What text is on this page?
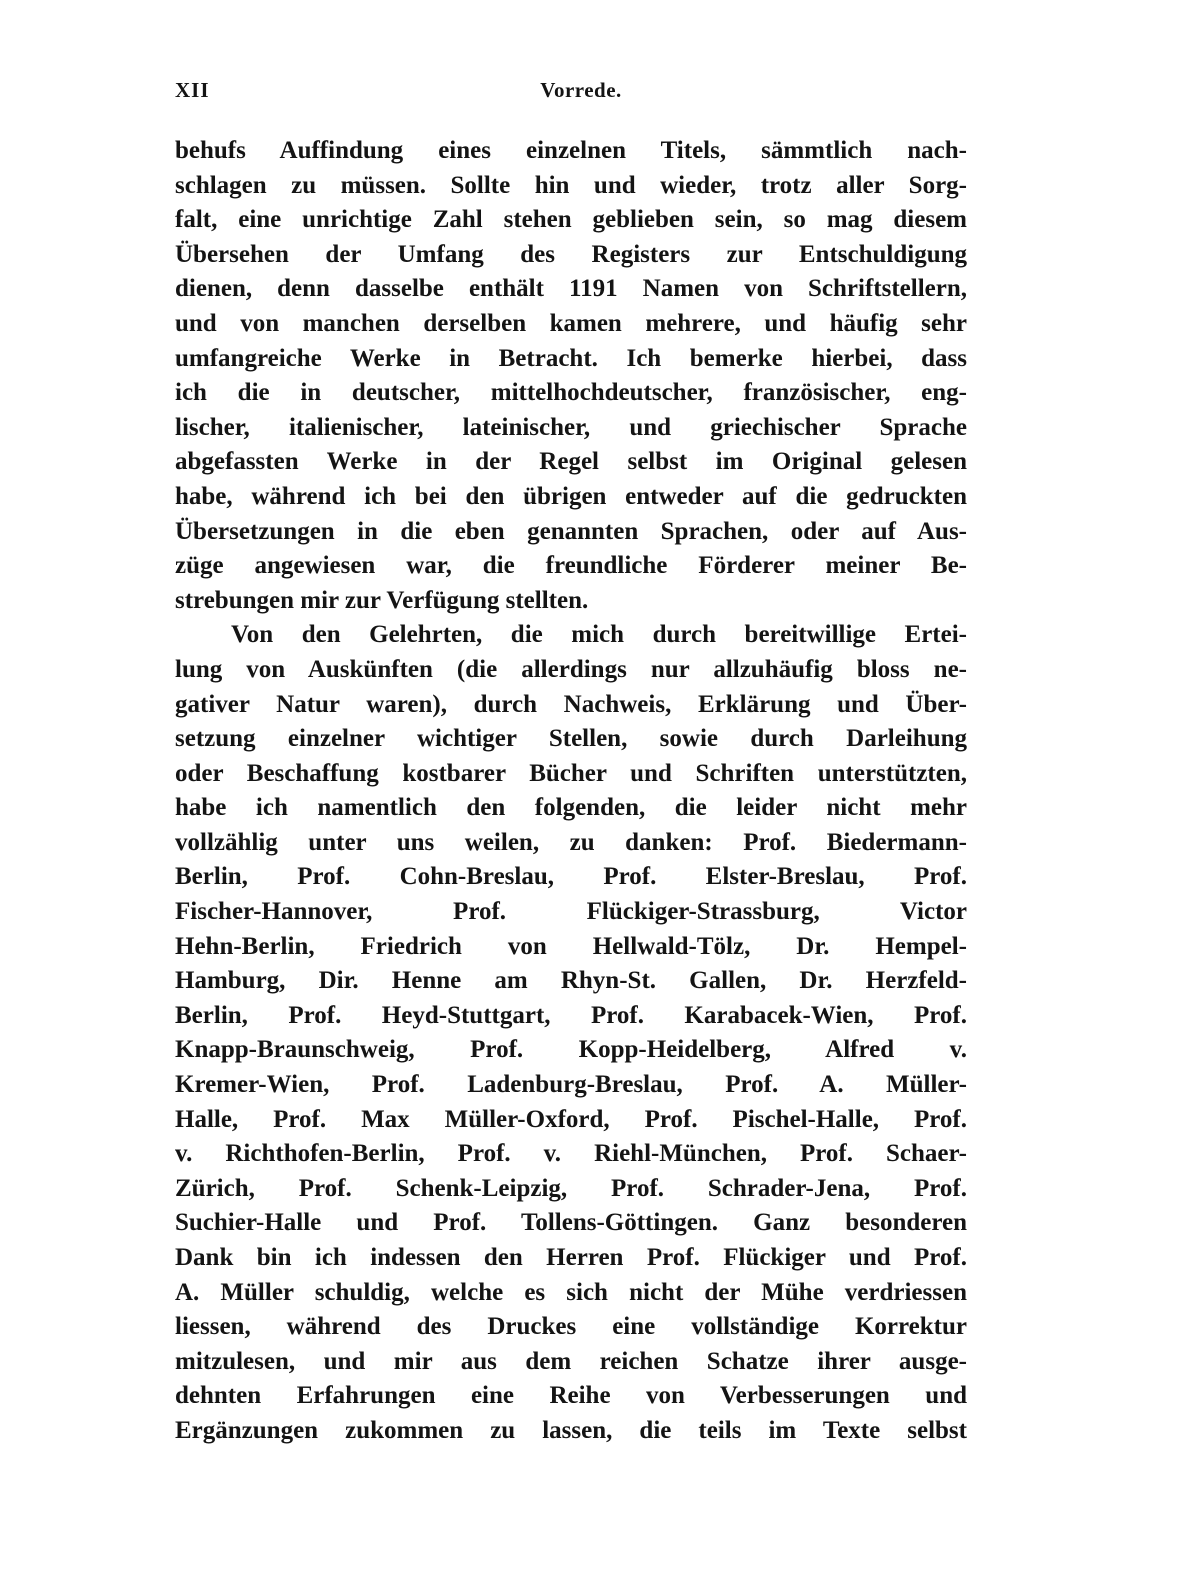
XII	Vorrede.
behufs Auffindung eines einzelnen Titels, sämmtlich nach-
schlagen zu müssen. Sollte hin und wieder, trotz aller Sorg-
falt, eine unrichtige Zahl stehen geblieben sein, so mag diesem
Übersehen der Umfang des Registers zur Entschuldigung
dienen, denn dasselbe enthält 1191 Namen von Schriftstellern,
und von manchen derselben kamen mehrere, und häufig sehr
umfangreiche Werke in Betracht. Ich bemerke hierbei, dass
ich die in deutscher, mittelhochdeutscher, französischer, eng-
lischer, italienischer, lateinischer, und griechischer Sprache
abgefassten Werke in der Regel selbst im Original gelesen
habe, während ich bei den übrigen entweder auf die gedruckten
Übersetzungen in die eben genannten Sprachen, oder auf Aus-
züge angewiesen war, die freundliche Förderer meiner Be-
strebungen mir zur Verfügung stellten.
Von den Gelehrten, die mich durch bereitwillige Ertei-
lung von Auskünften (die allerdings nur allzuhäufig bloss ne-
gativer Natur waren), durch Nachweis, Erklärung und Über-
setzung einzelner wichtiger Stellen, sowie durch Darleihung
oder Beschaffung kostbarer Bücher und Schriften unterstützten,
habe ich namentlich den folgenden, die leider nicht mehr
vollzählig unter uns weilen, zu danken: Prof. Biedermann-
Berlin, Prof. Cohn-Breslau, Prof. Elster-Breslau, Prof.
Fischer-Hannover, Prof. Flückiger-Strassburg, Victor
Hehn-Berlin, Friedrich von Hellwald-Tölz, Dr. Hempel-
Hamburg, Dir. Henne am Rhyn-St. Gallen, Dr. Herzfeld-
Berlin, Prof. Heyd-Stuttgart, Prof. Karabacek-Wien, Prof.
Knapp-Braunschweig, Prof. Kopp-Heidelberg, Alfred v.
Kremer-Wien, Prof. Ladenburg-Breslau, Prof. A. Müller-
Halle, Prof. Max Müller-Oxford, Prof. Pischel-Halle, Prof.
v. Richthofen-Berlin, Prof. v. Riehl-München, Prof. Schaer-
Zürich, Prof. Schenk-Leipzig, Prof. Schrader-Jena, Prof.
Suchier-Halle und Prof. Tollens-Göttingen. Ganz besonderen
Dank bin ich indessen den Herren Prof. Flückiger und Prof.
A. Müller schuldig, welche es sich nicht der Mühe verdriessen
liessen, während des Druckes eine vollständige Korrektur
mitzulesen, und mir aus dem reichen Schatze ihrer ausge-
dehnten Erfahrungen eine Reihe von Verbesserungen und
Ergänzungen zukommen zu lassen, die teils im Texte selbst
